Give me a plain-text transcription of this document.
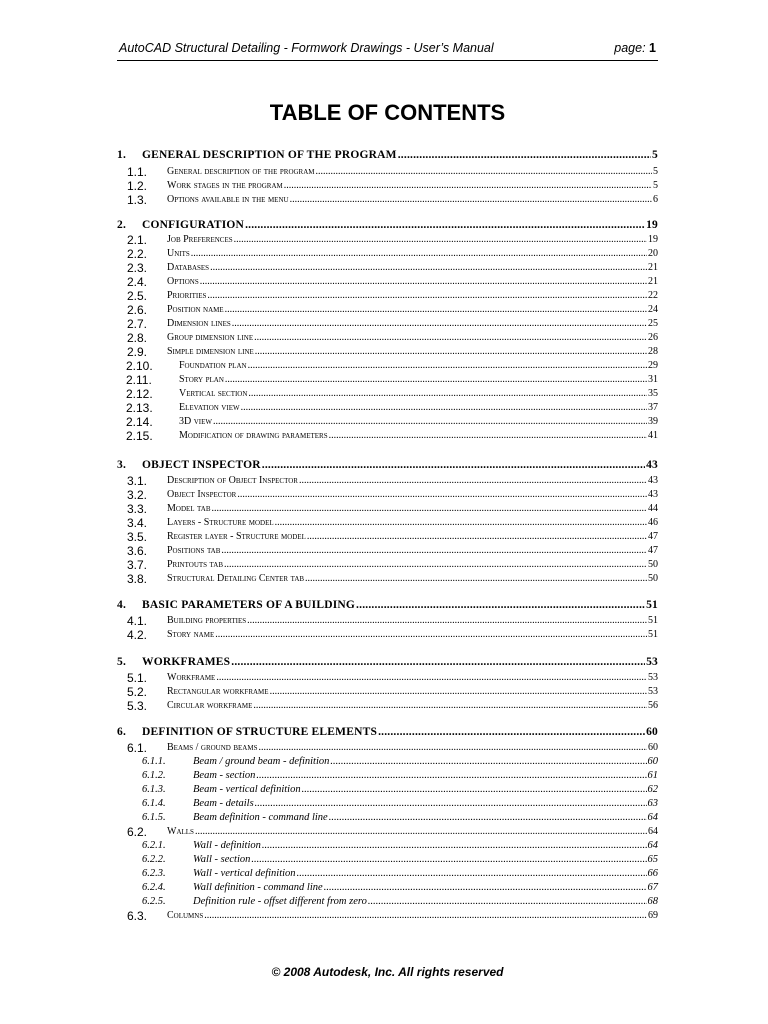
AutoCAD Structural Detailing - Formwork Drawings - User’s Manual	page: 1
TABLE OF CONTENTS
1. GENERAL DESCRIPTION OF THE PROGRAM .....	5
1.1. General description of the program .....	5
1.2. Work stages in the program .....	5
1.3. Options available in the menu .....	6
2. CONFIGURATION .....	19
2.1. Job Preferences .....	19
2.2. Units .....	20
2.3. Databases .....	21
2.4. Options .....	21
2.5. Priorities .....	22
2.6. Position name .....	24
2.7. Dimension lines .....	25
2.8. Group dimension line .....	26
2.9. Simple dimension line .....	28
2.10.	Foundation plan .....	29
2.11.	Story plan .....	31
2.12.	Vertical section .....	35
2.13.	Elevation view .....	37
2.14.	3D view .....	39
2.15.	Modification of drawing parameters .....	41
3. OBJECT INSPECTOR .....	43
3.1. Description of Object Inspector .....	43
3.2. Object Inspector .....	43
3.3. Model tab .....	44
3.4. Layers - Structure model .....	46
3.5. Register layer - Structure model .....	47
3.6. Positions tab .....	47
3.7. Printouts tab .....	50
3.8. Structural Detailing Center tab .....	50
4. BASIC PARAMETERS OF A BUILDING .....	51
4.1. Building properties .....	51
4.2. Story name .....	51
5. WORKFRAMES .....	53
5.1. Workframe .....	53
5.2. Rectangular workframe .....	53
5.3. Circular workframe .....	56
6. DEFINITION OF STRUCTURE ELEMENTS .....	60
6.1. Beams / ground beams .....	60
6.1.1.	Beam / ground beam - definition .....	60
6.1.2.	Beam - section .....	61
6.1.3.	Beam - vertical definition .....	62
6.1.4.	Beam - details .....	63
6.1.5.	Beam definition - command line .....	64
6.2. Walls .....	64
6.2.1.	Wall - definition .....	64
6.2.2.	Wall - section .....	65
6.2.3.	Wall - vertical definition .....	66
6.2.4.	Wall definition - command line .....	67
6.2.5.	Definition rule - offset different from zero .....	68
6.3. Columns .....	69
© 2008 Autodesk, Inc. All rights reserved
